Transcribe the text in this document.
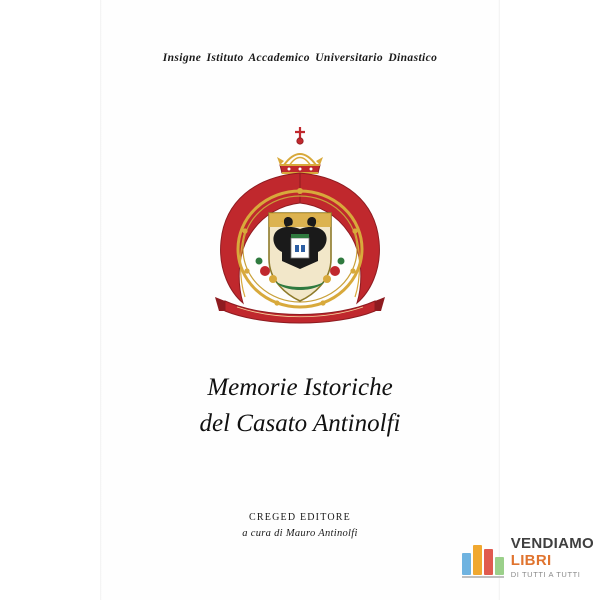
Insigne Istituto Accademico Universitario Dinastico
Memorie Istoriche
del Casato Antinolfi
CREGED EDITORE
a cura di Mauro Antinolfi
VENDIAMO
LIBRI
DI TUTTI A TUTTI
